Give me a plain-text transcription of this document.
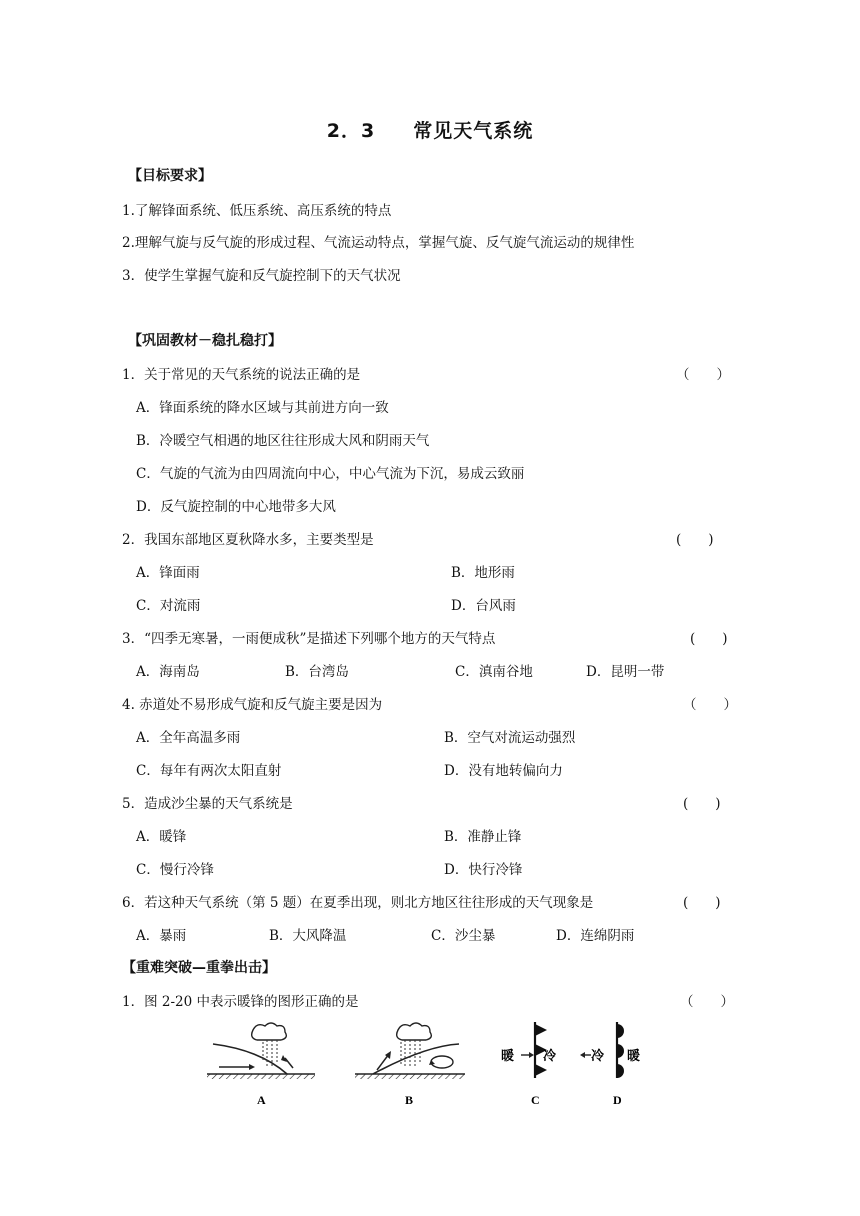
2．3 常见天气系统
【目标要求】
1.了解锋面系统、低压系统、高压系统的特点
2.理解气旋与反气旋的形成过程、气流运动特点，掌握气旋、反气旋气流运动的规律性
3．使学生掌握气旋和反气旋控制下的天气状况
【巩固教材－稳扎稳打】
1．关于常见的天气系统的说法正确的是	（　　）
A．锋面系统的降水区域与其前进方向一致
B．冷暖空气相遇的地区往往形成大风和阴雨天气
C．气旋的气流为由四周流向中心，中心气流为下沉，易成云致丽
D．反气旋控制的中心地带多大风
2．我国东部地区夏秋降水多，主要类型是	(　　)
A．锋面雨	B．地形雨
C．对流雨	D．台风雨
3．“四季无寒暑，一雨便成秋”是描述下列哪个地方的天气特点	(　　)
A．海南岛	B．台湾岛	C．滇南谷地	D．昆明一带
4. 赤道处不易形成气旋和反气旋主要是因为	（　　）
A．全年高温多雨	B．空气对流运动强烈
C．每年有两次太阳直射	D．没有地转偏向力
5．造成沙尘暴的天气系统是	(　　)
A．暖锋	B．准静止锋
C．慢行冷锋	D．快行冷锋
6．若这种天气系统（第 5 题）在夏季出现，则北方地区往往形成的天气现象是	(　　)
A．暴雨	B．大风降温	C．沙尘暴	D．连绵阴雨
【重难突破—重拳出击】
1．图 2-20 中表示暖锋的图形正确的是	（　　）
A	B
暖 冷
C
冷 暖
D
